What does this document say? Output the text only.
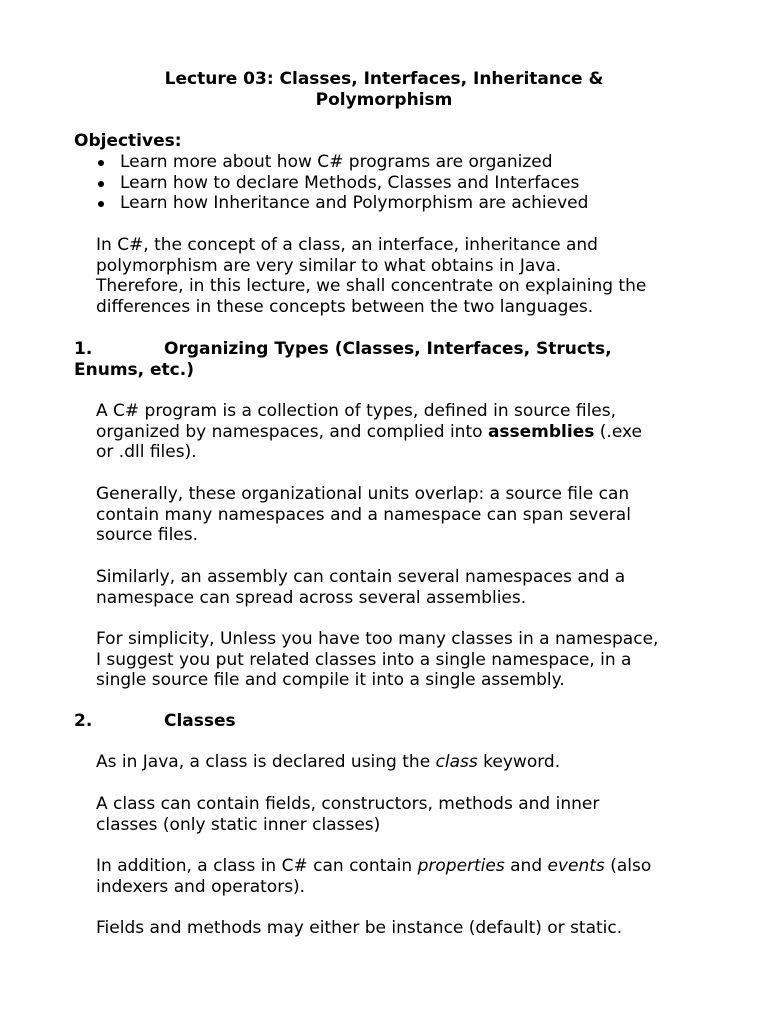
Lecture 03: Classes, Interfaces, Inheritance &
Polymorphism
Objectives:
Learn more about how C# programs are organized
Learn how to declare Methods, Classes and Interfaces
Learn how Inheritance and Polymorphism are achieved
In C#, the concept of a class, an interface, inheritance and
polymorphism are very similar to what obtains in Java.
Therefore, in this lecture, we shall concentrate on explaining the
differences in these concepts between the two languages.
1.	Organizing Types (Classes, Interfaces, Structs,
Enums, etc.)
A C# program is a collection of types, defined in source files,
organized by namespaces, and complied into assemblies (.exe
or .dll files).
Generally, these organizational units overlap: a source file can
contain many namespaces and a namespace can span several
source files.
Similarly, an assembly can contain several namespaces and a
namespace can spread across several assemblies.
For simplicity, Unless you have too many classes in a namespace,
I suggest you put related classes into a single namespace, in a
single source file and compile it into a single assembly.
2.	Classes
As in Java, a class is declared using the class keyword.
A class can contain fields, constructors, methods and inner
classes (only static inner classes)
In addition, a class in C# can contain properties and events (also
indexers and operators).
Fields and methods may either be instance (default) or static.
